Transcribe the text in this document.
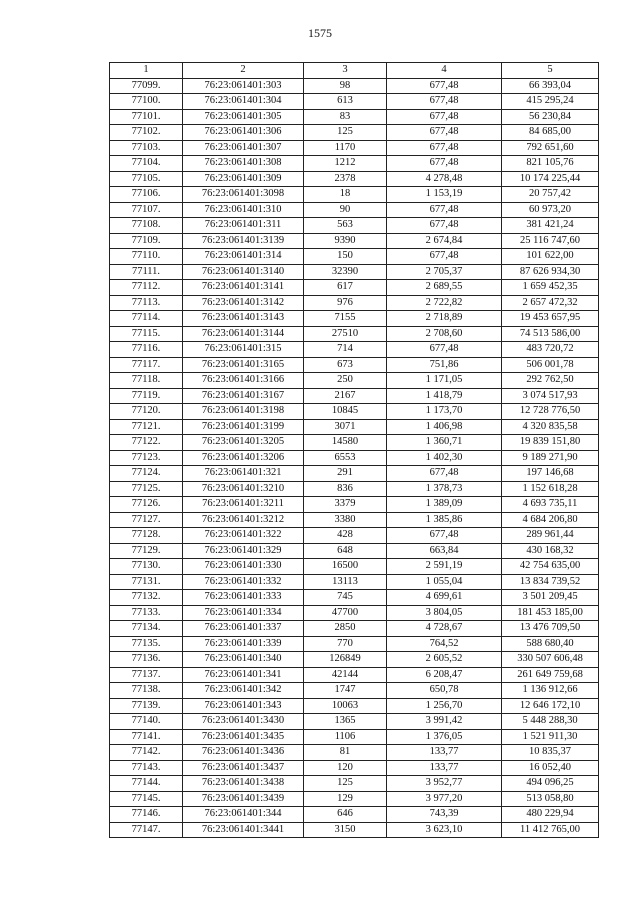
1575
1	2	3	4	5
77099.	76:23:061401:303	98	677,48	66 393,04
77100.	76:23:061401:304	613	677,48	415 295,24
77101.	76:23:061401:305	83	677,48	56 230,84
77102.	76:23:061401:306	125	677,48	84 685,00
77103.	76:23:061401:307	1170	677,48	792 651,60
77104.	76:23:061401:308	1212	677,48	821 105,76
77105.	76:23:061401:309	2378	4 278,48	10 174 225,44
77106.	76:23:061401:3098	18	1 153,19	20 757,42
77107.	76:23:061401:310	90	677,48	60 973,20
77108.	76:23:061401:311	563	677,48	381 421,24
77109.	76:23:061401:3139	9390	2 674,84	25 116 747,60
77110.	76:23:061401:314	150	677,48	101 622,00
77111.	76:23:061401:3140	32390	2 705,37	87 626 934,30
77112.	76:23:061401:3141	617	2 689,55	1 659 452,35
77113.	76:23:061401:3142	976	2 722,82	2 657 472,32
77114.	76:23:061401:3143	7155	2 718,89	19 453 657,95
77115.	76:23:061401:3144	27510	2 708,60	74 513 586,00
77116.	76:23:061401:315	714	677,48	483 720,72
77117.	76:23:061401:3165	673	751,86	506 001,78
77118.	76:23:061401:3166	250	1 171,05	292 762,50
77119.	76:23:061401:3167	2167	1 418,79	3 074 517,93
77120.	76:23:061401:3198	10845	1 173,70	12 728 776,50
77121.	76:23:061401:3199	3071	1 406,98	4 320 835,58
77122.	76:23:061401:3205	14580	1 360,71	19 839 151,80
77123.	76:23:061401:3206	6553	1 402,30	9 189 271,90
77124.	76:23:061401:321	291	677,48	197 146,68
77125.	76:23:061401:3210	836	1 378,73	1 152 618,28
77126.	76:23:061401:3211	3379	1 389,09	4 693 735,11
77127.	76:23:061401:3212	3380	1 385,86	4 684 206,80
77128.	76:23:061401:322	428	677,48	289 961,44
77129.	76:23:061401:329	648	663,84	430 168,32
77130.	76:23:061401:330	16500	2 591,19	42 754 635,00
77131.	76:23:061401:332	13113	1 055,04	13 834 739,52
77132.	76:23:061401:333	745	4 699,61	3 501 209,45
77133.	76:23:061401:334	47700	3 804,05	181 453 185,00
77134.	76:23:061401:337	2850	4 728,67	13 476 709,50
77135.	76:23:061401:339	770	764,52	588 680,40
77136.	76:23:061401:340	126849	2 605,52	330 507 606,48
77137.	76:23:061401:341	42144	6 208,47	261 649 759,68
77138.	76:23:061401:342	1747	650,78	1 136 912,66
77139.	76:23:061401:343	10063	1 256,70	12 646 172,10
77140.	76:23:061401:3430	1365	3 991,42	5 448 288,30
77141.	76:23:061401:3435	1106	1 376,05	1 521 911,30
77142.	76:23:061401:3436	81	133,77	10 835,37
77143.	76:23:061401:3437	120	133,77	16 052,40
77144.	76:23:061401:3438	125	3 952,77	494 096,25
77145.	76:23:061401:3439	129	3 977,20	513 058,80
77146.	76:23:061401:344	646	743,39	480 229,94
77147.	76:23:061401:3441	3150	3 623,10	11 412 765,00
